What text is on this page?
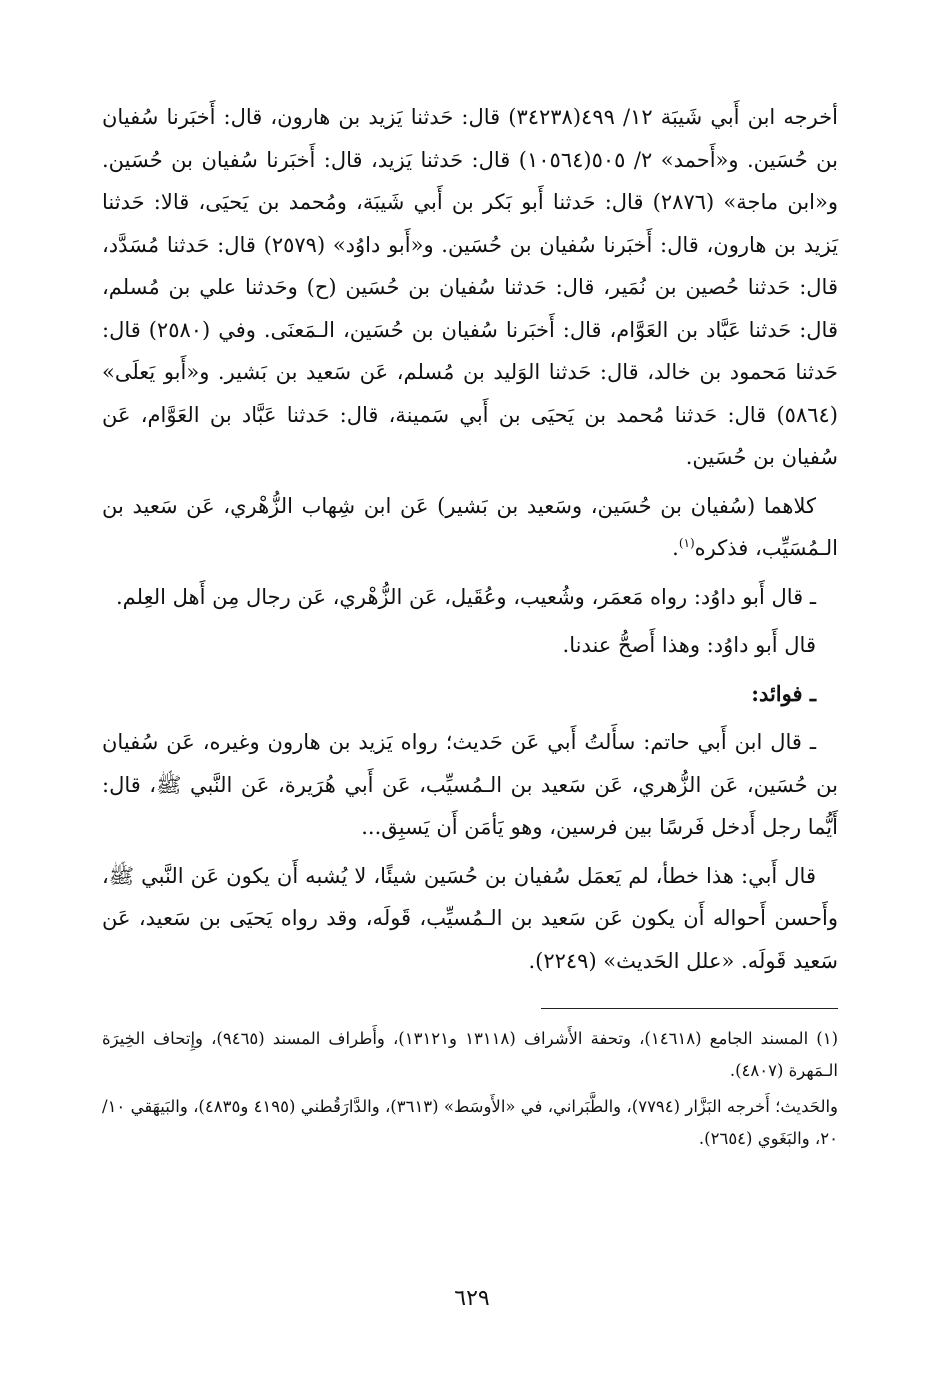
أخرجه ابن أَبي شَيبَة ١٢/ ٤٩٩(٣٤٢٣٨) قال: حَدثنا يَزيد بن هارون، قال: أَخبَرنا سُفيان بن حُسَين. و«أَحمد» ٢/ ٥٠٥(١٠٥٦٤) قال: حَدثنا يَزيد، قال: أَخبَرنا سُفيان بن حُسَين. و«ابن ماجة» (٢٨٧٦) قال: حَدثنا أَبو بَكر بن أَبي شَيبَة، ومُحمد بن يَحيَى، قالا: حَدثنا يَزيد بن هارون، قال: أَخبَرنا سُفيان بن حُسَين. و«أَبو داوُد» (٢٥٧٩) قال: حَدثنا مُسَدَّد، قال: حَدثنا حُصين بن نُمَير، قال: حَدثنا سُفيان بن حُسَين (ح) وحَدثنا علي بن مُسلم، قال: حَدثنا عَبَّاد بن العَوَّام، قال: أَخبَرنا سُفيان بن حُسَين، الـمَعنَى. وفي (٢٥٨٠) قال: حَدثنا مَحمود بن خالد، قال: حَدثنا الوَليد بن مُسلم، عَن سَعيد بن بَشير. و«أَبو يَعلَى» (٥٨٦٤) قال: حَدثنا مُحمد بن يَحيَى بن أَبي سَمينة، قال: حَدثنا عَبَّاد بن العَوَّام، عَن سُفيان بن حُسَين.

كلاهما (سُفيان بن حُسَين، وسَعيد بن بَشير) عَن ابن شِهاب الزُّهْري، عَن سَعيد بن الـمُسَيِّب، فذكره$^{(١)}$.

ـ قال أَبو داوُد: رواه مَعمَر، وشُعيب، وعُقَيل، عَن الزُّهْري، عَن رجال مِن أَهل العِلم.

قال أَبو داوُد: وهذا أَصحُّ عندنا.

ـ فوائد:

ـ قال ابن أَبي حاتم: سأَلتُ أَبي عَن حَديث؛ رواه يَزيد بن هارون وغيره، عَن سُفيان بن حُسَين، عَن الزُّهري، عَن سَعيد بن الـمُسيِّب، عَن أَبي هُرَيرة، عَن النَّبي ﷺ، قال: أَيُّما رجل أَدخل فَرسًا بين فرسين، وهو يَأمَن أَن يَسبِق...

قال أَبي: هذا خطأ، لم يَعمَل سُفيان بن حُسَين شيئًا، لا يُشبه أَن يكون عَن النَّبي ﷺ، وأَحسن أَحواله أَن يكون عَن سَعيد بن الـمُسيِّب، قَولَه، وقد رواه يَحيَى بن سَعيد، عَن سَعيد قَولَه. «علل الحَديث» (٢٢٤٩).

(١) المسند الجامع (١٤٦١٨)، وتحفة الأَشراف (١٣١١٨ و١٣١٢١)، وأَطراف المسند (٩٤٦٥)، وإِتحاف الخِيرَة الـمَهرة (٤٨٠٧).

والحَديث؛ أَخرجه البَزَّار (٧٧٩٤)، والطَّبَراني، في «الأَوسَط» (٣٦١٣)، والدَّارَقُطني (٤١٩٥ و٤٨٣٥)، والبَيهَقي ١٠/ ٢٠، والبَغَوي (٢٦٥٤).

٦٢٩
